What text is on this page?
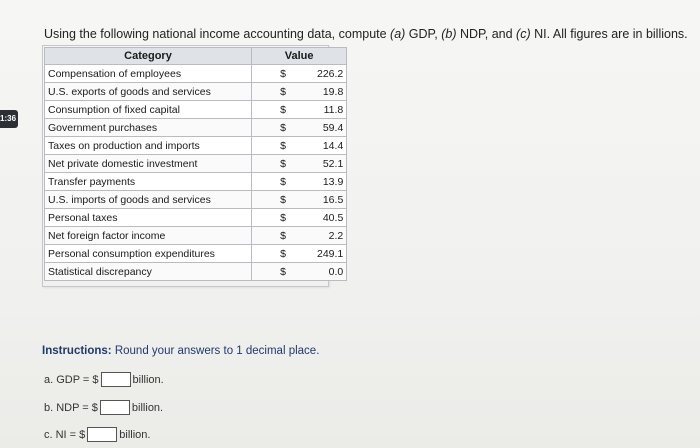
1:36
Using the following national income accounting data, compute (a) GDP, (b) NDP, and (c) NI. All figures are in billions.
Category	Value	
Compensation of employees	$	226.2
U.S. exports of goods and services	$	19.8
Consumption of fixed capital	$	11.8
Government purchases	$	59.4
Taxes on production and imports	$	14.4
Net private domestic investment	$	52.1
Transfer payments	$	13.9
U.S. imports of goods and services	$	16.5
Personal taxes	$	40.5
Net foreign factor income	$	2.2
Personal consumption expenditures	$	249.1
Statistical discrepancy	$	0.0
Instructions: Round your answers to 1 decimal place.
a. GDP = $	billion.
b. NDP = $	billion.
c. NI = $	billion.
